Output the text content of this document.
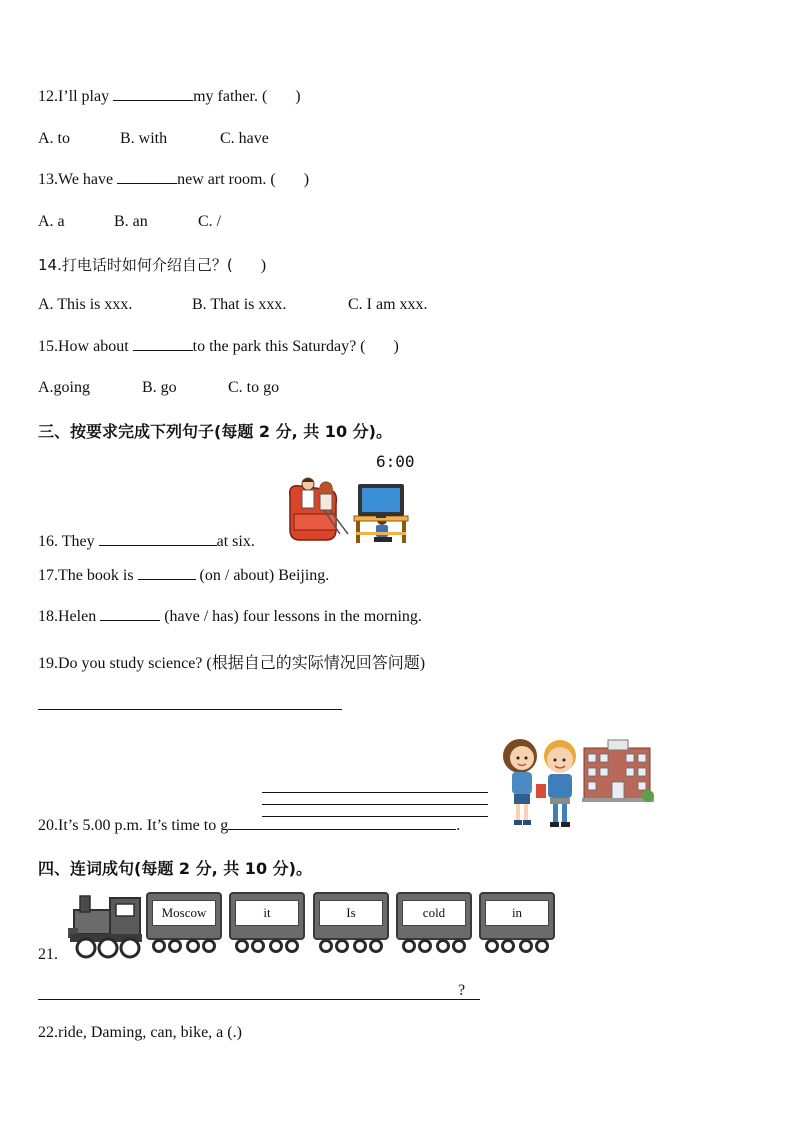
12.I’ll play	my father. ( )
A. to	B. with	C. have
13.We have	new art room. ( )
A. a	B. an	C. /
14.打电话时如何介绍自己？( )
A. This is xxx.	B. That is xxx.	C. I am xxx.
15.How about	to the park this Saturday? ( )
A.going	B. go	C. to go
三、按要求完成下列句子(每题 2 分, 共 10 分)。
6:00
16. They	at six.
17.The book is	(on / about) Beijing.
18.Helen	(have / has) four lessons in the morning.
19.Do you study science? (根据自己的实际情况回答问题)
20.It’s 5.00 p.m. It’s time to g	.
四、连词成句(每题 2 分, 共 10 分)。
21.
Moscow	it	Is	cold	in
?
22.ride, Daming, can, bike, a (.)
